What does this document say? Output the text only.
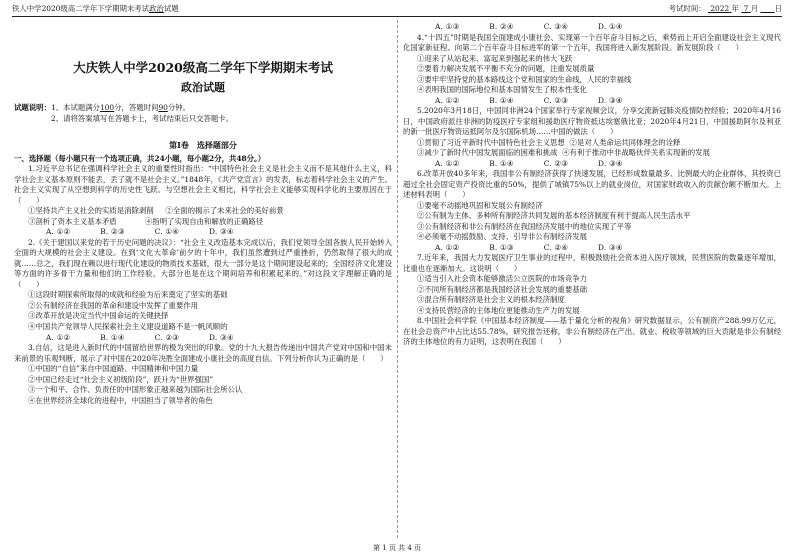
铁人中学2020级高二学年下学期期末考试政治试题	考试时间： 2022 年 7 月 日

大庆铁人中学2020级高二学年下学期期末考试

政治试题

试题说明：1、本试题满分100分，答题时间90分钟。

2、请将答案填写在答题卡上，考试结束后只交答题卡。

第Ⅰ卷　选择题部分

一、选择题（每小题只有一个选项正确，共24小题，每小题2分，共48分。）

1.习近平总书记在强调科学社会主义的重要性时指出：“中国特色社会主义是社会主义而不是其他什么主义，科学社会主义基本原则不能丢，丢了就不是社会主义。”1848年，《共产党宣言》的发表，标志着科学社会主义的产生。社会主义实现了从空想到科学的历史性飞跃。与空想社会主义相比，科学社会主义能够实现科学化的主要原因在于（　　）

①坚持共产主义社会的实质是消除剥削 ②全面的揭示了未来社会的美好前景

③剖析了资本主义基本矛盾	④指明了实现自由和解放的正确路径

A. ①②	B. ②③	C. ①④	D. ③④

2.《关于建国以来党的若干历史问题的决议》：“社会主义改造基本完成以后，我们党领导全国各族人民开始转入全面的大规模的社会主义建设。在到‘文化大革命’前夕的十年中，我们虽然遭到过严重挫折，仍然取得了很大的成就……总之，我们现在赖以进行现代化建设的物质技术基础，很大一部分是这个期间建设起来的；全国经济文化建设等方面的许多骨干力量和他们的工作经验，大部分也是在这个期间培养和积累起来的。”对这段文字理解正确的是（　　）

①这段时期探索所取得的成就和经验为后来奠定了坚实的基础

②公有制经济在我国的革命和建设中发挥了重要作用

③改革开放是决定当代中国命运的关键抉择

④中国共产党领导人民探索社会主义建设道路不是一帆风顺的

A. ①②	B. ①④	C. ②③	D. ③④

3.自信，这是进入新时代的中国留给世界的极为突出的印象。党的十九大报告传递出中国共产党对中国和中国未来前景的乐观判断，展示了对中国在2020年决胜全面建成小康社会的高度自信。下列分析你认为正确的是（　　）

①中国的“自信”来自中国道路、中国精神和中国力量

②中国已经走过“社会主义初级阶段”，跃升为“世界强国”

③一个和平、合作、负责任的中国形象正越来越为国际社会所公认

④在世界经济全球化的进程中，中国担当了领导者的角色

A. ①③	B. ②④	C. ③④	D. ①④

4.“十四五”时期是我国全面建成小康社会、实现第一个百年奋斗目标之后，乘势而上开启全面建设社会主义现代化国家新征程、向第二个百年奋斗目标进军的第一个五年，我国将进入新发展阶段。新发展阶段（　　）

①迎来了从站起来、富起来到强起来的伟大飞跃

②要着力解决发展不平衡不充分的问题，注重发展质量

③要牢牢坚持党的基本路线这个党和国家的生命线，人民的幸福线

④表明我国的国际地位和基本国情发生了根本性变化

A. ①②	B. ①④	C. ②③	D. ③④

5.2020年3月18日，中国同非洲24个国家举行专家视频会议，分享交流新冠肺炎疫情防控经验；2020年4月16日，中国政府派往非洲的防疫医疗专家组和援助医疗物资抵达埃塞俄比亚；2020年4月21日，中国援助阿尔及利亚的新一批医疗物资运抵阿尔及尔国际机场……中国的做法（　　）

①贯彻了习近平新时代中国特色社会主义思想 ②是对人类命运共同体理念的诠释

③减少了新时代中国发展面临的困难和挑战 ④有利于推动中非战略伙伴关系实现新的发展

A. ①②	B. ①④	C. ②③	D. ③④

6.改革开放40多年来，我国非公有制经济获得了快速发展，已经形成数量最多、比例最大的企业群体，其投资已超过全社会固定资产投资比重的50%，提供了城镇75%以上的就业岗位，对国家财政收入的贡献份额不断加大。上述材料表明（　　）

①要毫不动摇地巩固和发展公有制经济

②公有制为主体、多种所有制经济共同发展的基本经济制度有利于提高人民生活水平

③公有制经济和非公有制经济在我国经济发展中的地位实现了平等

④必须毫不动摇鼓励、支持、引导非公有制经济发展

A. ①②	B. ①③	C. ②④	D. ③④

7.近年来，我国大力发展医疗卫生事业的过程中，积极鼓励社会资本进入医疗领域，民营医院的数量逐年增加，比重也在逐渐加大。这说明（　　）

①适当引入社会资本能够激活公立医院的市场竞争力

②不同所有制经济都是我国经济社会发展的重要基础

③混合所有制经济是社会主义的根本经济制度

④支持民营经济的主体地位更能推动生产力的发展

8.中国社会科学院《中国基本经济制度——基于量化分析的视角》研究数据显示，公有制资产288.99万亿元，在社会总资产中占比达55.78%。研究报告还称，非公有制经济在产出、就业、税收等领域的巨大贡献是非公有制经济的主体地位的有力证明，这表明在我国（　　）

第 1 页 共 4 页
